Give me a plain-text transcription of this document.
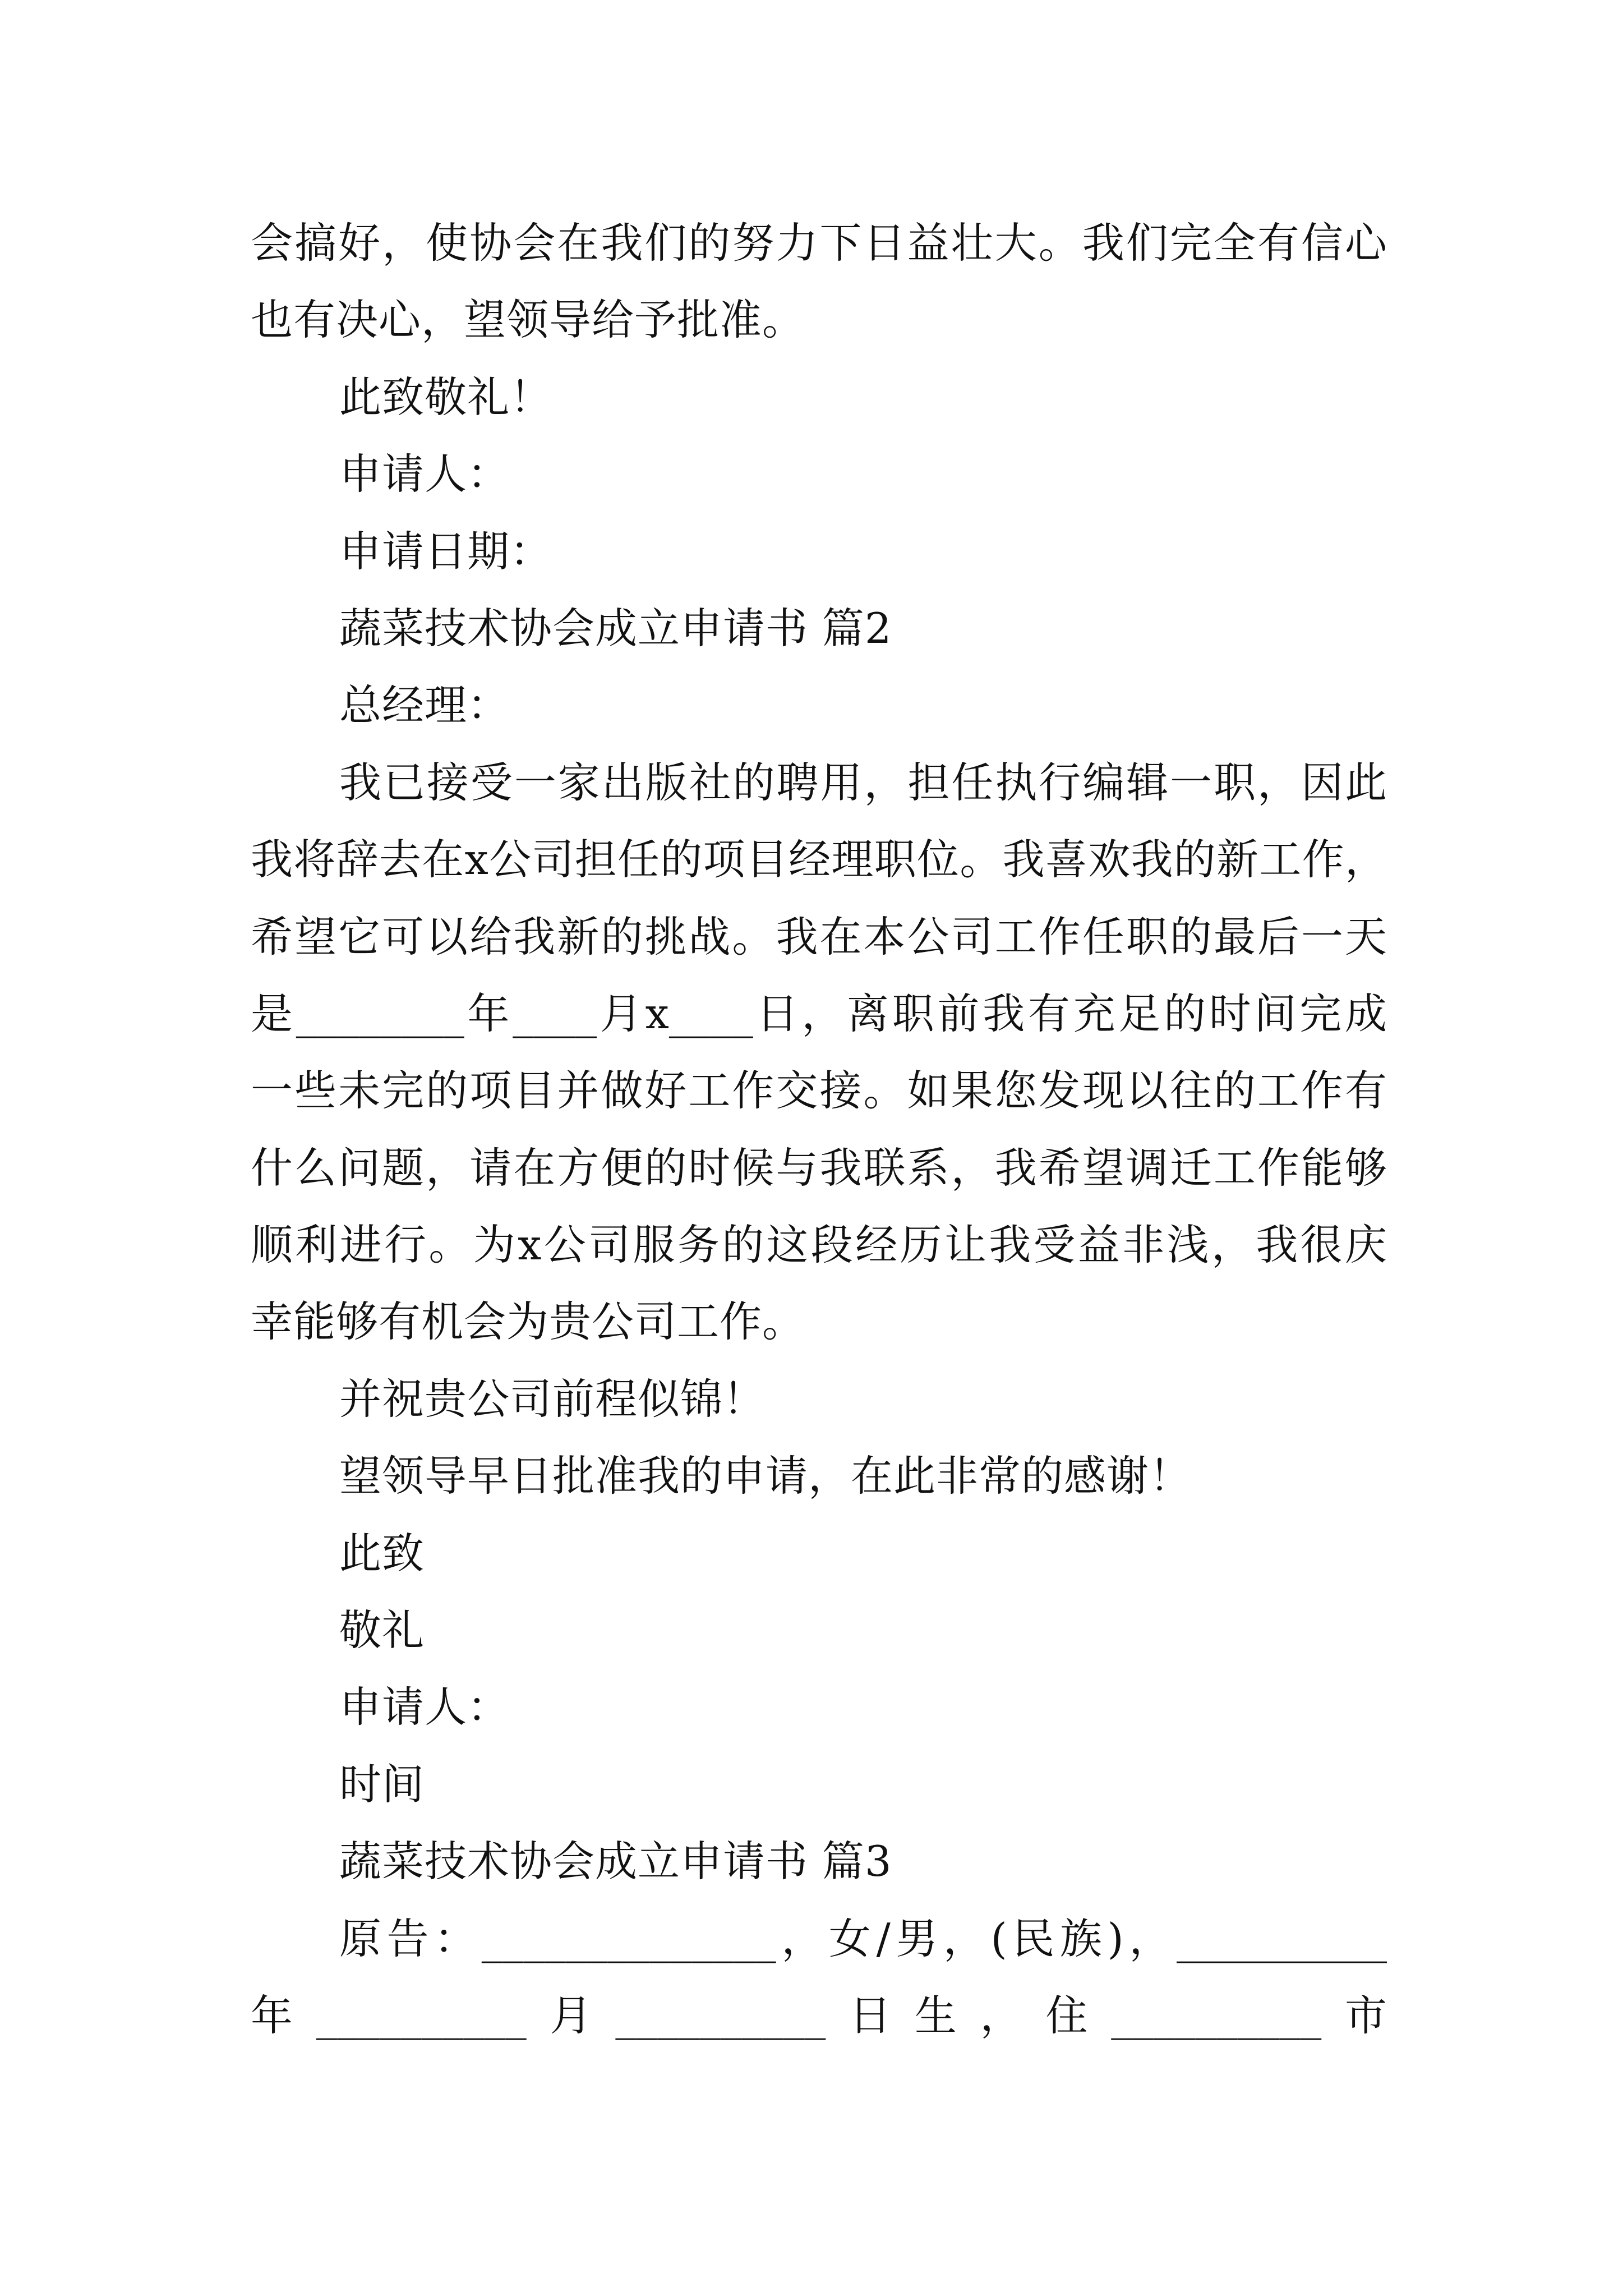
会搞好，使协会在我们的努力下日益壮大。我们完全有信心
也有决心，望领导给予批准。
此致敬礼！
申请人：
申请日期：
蔬菜技术协会成立申请书 篇2
总经理：
我已接受一家出版社的聘用，担任执行编辑一职，因此
我将辞去在x公司担任的项目经理职位。我喜欢我的新工作，
希望它可以给我新的挑战。我在本公司工作任职的最后一天
是________年____月x____日，离职前我有充足的时间完成
一些未完的项目并做好工作交接。如果您发现以往的工作有
什么问题，请在方便的时候与我联系，我希望调迁工作能够
顺利进行。为x公司服务的这段经历让我受益非浅，我很庆
幸能够有机会为贵公司工作。
并祝贵公司前程似锦！
望领导早日批准我的申请，在此非常的感谢！
此致
敬礼
申请人：
时间
蔬菜技术协会成立申请书 篇3
原告：______________，女/男，(民族)，__________
年 __________ 月 __________ 日 生 ， 住 __________ 市
